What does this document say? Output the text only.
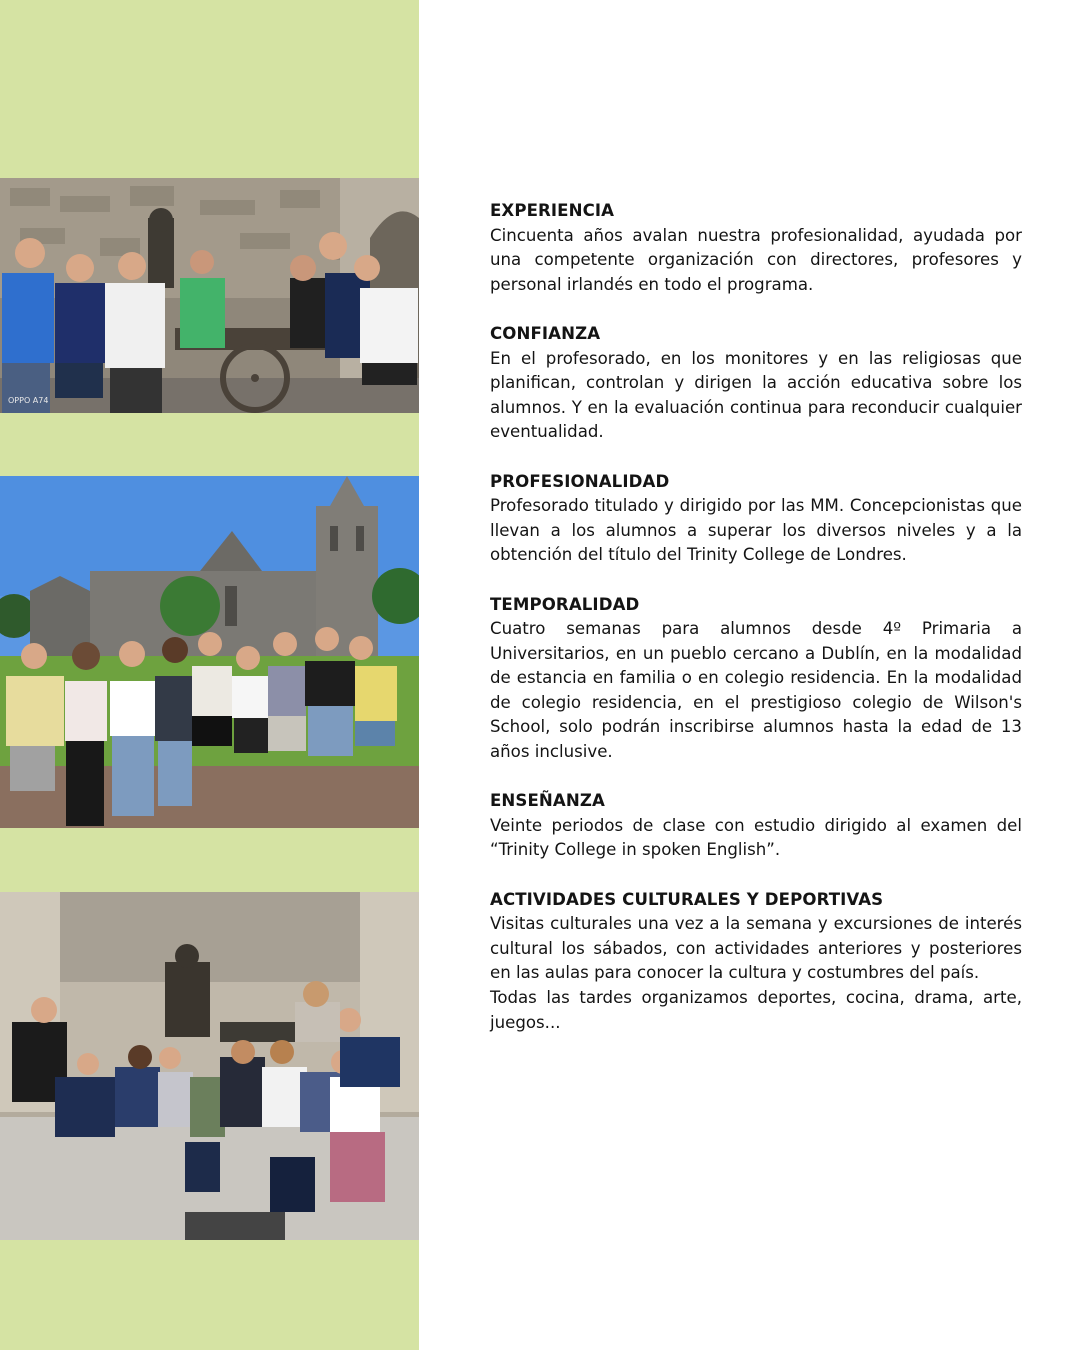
OPPO A74
EXPERIENCIA

Cincuenta años avalan nuestra profesionalidad, ayudada por una competente organización con directores, profesores y personal irlandés en todo el programa.

CONFIANZA

En el profesorado, en los monitores y en las religiosas que planifican, controlan y dirigen la acción educativa sobre los alumnos. Y en la evaluación continua para reconducir cualquier eventualidad.

PROFESIONALIDAD

Profesorado titulado y dirigido por las MM. Concepcionistas que llevan a los alumnos a superar los diversos niveles y a la obtención del título del Trinity College de Londres.

TEMPORALIDAD

Cuatro semanas para alumnos desde 4º Primaria a Universitarios, en un pueblo cercano a Dublín, en la modalidad de estancia en familia o en colegio residencia. En la modalidad de colegio residencia, en el prestigioso colegio de Wilson's School, solo podrán inscribirse alumnos hasta la edad de 13 años inclusive.

ENSEÑANZA

Veinte periodos de clase con estudio dirigido al examen del “Trinity College in spoken English”.

ACTIVIDADES CULTURALES Y DEPORTIVAS

Visitas culturales una vez a la semana y excursiones de interés cultural los sábados, con actividades anteriores y posteriores en las aulas para conocer la cultura y costumbres del país.

Todas las tardes organizamos deportes, cocina, drama, arte, juegos...
